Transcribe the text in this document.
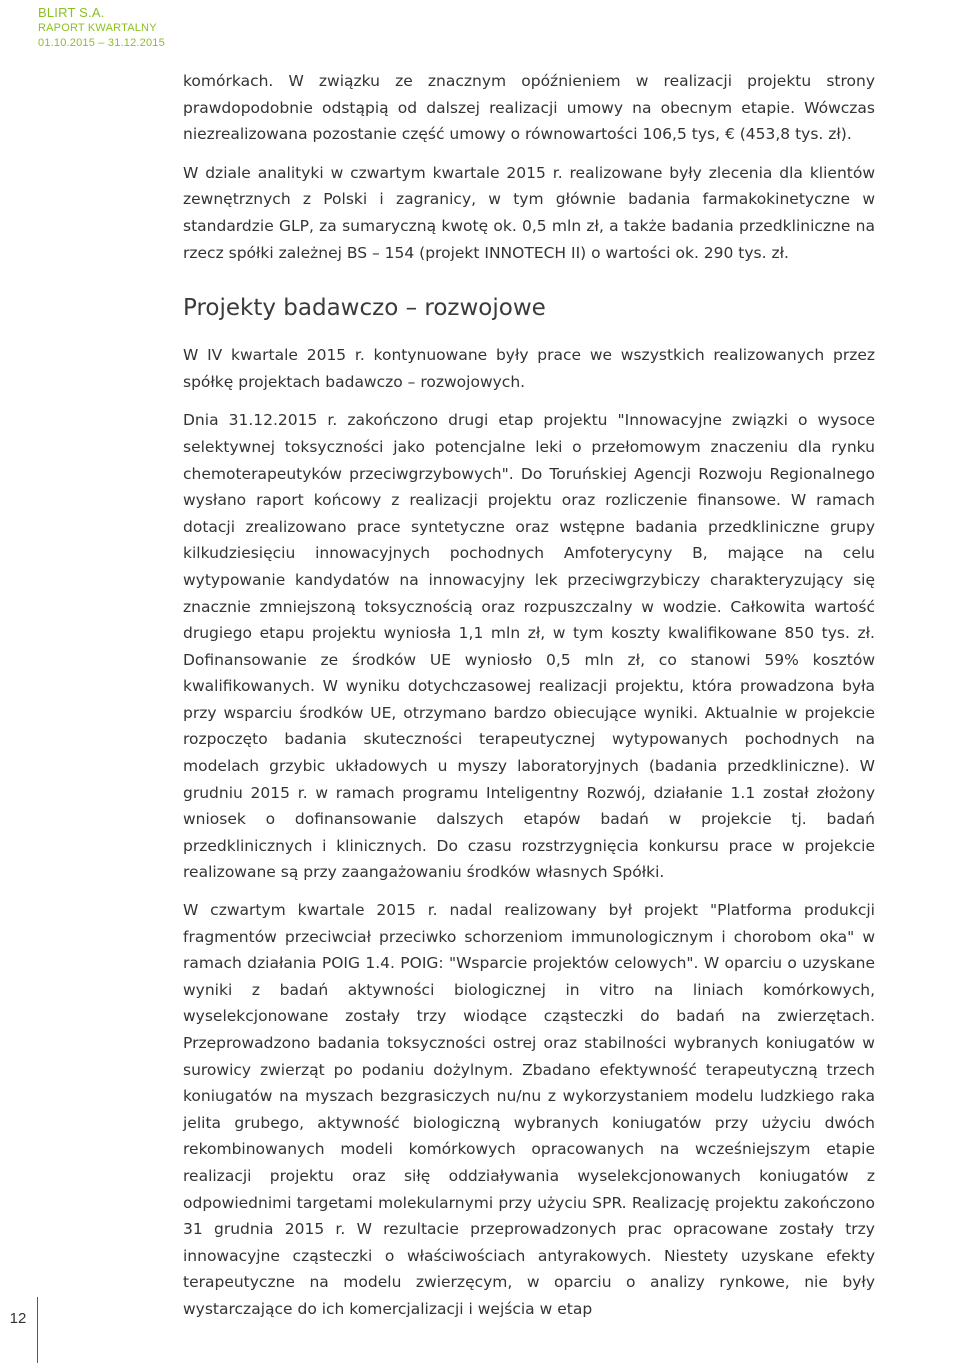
BLIRT S.A.
RAPORT KWARTALNY
01.10.2015 – 31.12.2015

komórkach. W związku ze znacznym opóźnieniem w realizacji projektu strony prawdopodobnie odstąpią od dalszej realizacji umowy na obecnym etapie. Wówczas niezrealizowana pozostanie część umowy o równowartości 106,5 tys, € (453,8 tys. zł).

W dziale analityki w czwartym kwartale 2015 r. realizowane były zlecenia dla klientów zewnętrznych z Polski i zagranicy, w tym głównie badania farmakokinetyczne w standardzie GLP, za sumaryczną kwotę ok. 0,5 mln zł, a także badania przedkliniczne na rzecz spółki zależnej BS – 154 (projekt INNOTECH II) o wartości ok. 290 tys. zł.

Projekty badawczo – rozwojowe

W IV kwartale 2015 r. kontynuowane były prace we wszystkich realizowanych przez spółkę projektach badawczo – rozwojowych.

Dnia 31.12.2015 r. zakończono drugi etap projektu "Innowacyjne związki o wysoce selektywnej toksyczności jako potencjalne leki o przełomowym znaczeniu dla rynku chemoterapeutyków przeciwgrzybowych". Do Toruńskiej Agencji Rozwoju Regionalnego wysłano raport końcowy z realizacji projektu oraz rozliczenie finansowe. W ramach dotacji zrealizowano prace syntetyczne oraz wstępne badania przedkliniczne grupy kilkudziesięciu innowacyjnych pochodnych Amfoterycyny B, mające na celu wytypowanie kandydatów na innowacyjny lek przeciwgrzybiczy charakteryzujący się znacznie zmniejszoną toksycznością oraz rozpuszczalny w wodzie. Całkowita wartość drugiego etapu projektu wyniosła 1,1 mln zł, w tym koszty kwalifikowane 850 tys. zł. Dofinansowanie ze środków UE wyniosło 0,5 mln zł, co stanowi 59% kosztów kwalifikowanych. W wyniku dotychczasowej realizacji projektu, która prowadzona była przy wsparciu środków UE, otrzymano bardzo obiecujące wyniki. Aktualnie w projekcie rozpoczęto badania skuteczności terapeutycznej wytypowanych pochodnych na modelach grzybic układowych u myszy laboratoryjnych (badania przedkliniczne). W grudniu 2015 r. w ramach programu Inteligentny Rozwój, działanie 1.1 został złożony wniosek o dofinansowanie dalszych etapów badań w projekcie tj. badań przedklinicznych i klinicznych. Do czasu rozstrzygnięcia konkursu prace w projekcie realizowane są przy zaangażowaniu środków własnych Spółki.

W czwartym kwartale 2015 r. nadal realizowany był projekt "Platforma produkcji fragmentów przeciwciał przeciwko schorzeniom immunologicznym i chorobom oka" w ramach działania POIG 1.4. POIG: "Wsparcie projektów celowych". W oparciu o uzyskane wyniki z badań aktywności biologicznej in vitro na liniach komórkowych, wyselekcjonowane zostały trzy wiodące cząsteczki do badań na zwierzętach. Przeprowadzono badania toksyczności ostrej oraz stabilności wybranych koniugatów w surowicy zwierząt po podaniu dożylnym. Zbadano efektywność terapeutyczną trzech koniugatów na myszach bezgrasiczych nu/nu z wykorzystaniem modelu ludzkiego raka jelita grubego, aktywność biologiczną wybranych koniugatów przy użyciu dwóch rekombinowanych modeli komórkowych opracowanych na wcześniejszym etapie realizacji projektu oraz siłę oddziaływania wyselekcjonowanych koniugatów z odpowiednimi targetami molekularnymi przy użyciu SPR. Realizację projektu zakończono 31 grudnia 2015 r. W rezultacie przeprowadzonych prac opracowane zostały trzy innowacyjne cząsteczki o właściwościach antyrakowych. Niestety uzyskane efekty terapeutyczne na modelu zwierzęcym, w oparciu o analizy rynkowe, nie były wystarczające do ich komercjalizacji i wejścia w etap

12
